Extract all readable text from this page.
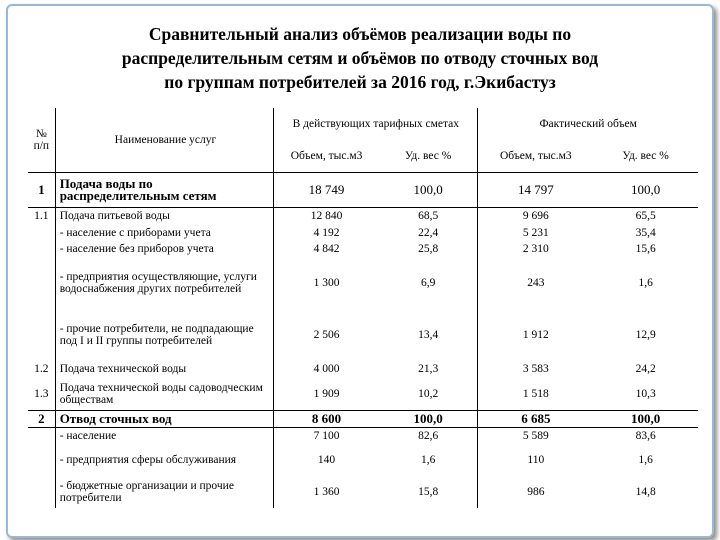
Сравнительный анализ объёмов реализации воды по
распределительным сетям и объёмов по отводу сточных вод
по группам потребителей за 2016 год, г.Экибастуз
№ п/п	Наименование услуг	В действующих тарифных сметах		Фактический объем	
		Объем, тыс.м3	Уд. вес %	Объем, тыс.м3	Уд. вес %
1	Подача воды по распределительным сетям	18 749	100,0	14 797	100,0
1.1	Подача питьевой воды	12 840	68,5	9 696	65,5
	- население с приборами учета	4 192	22,4	5 231	35,4
	- население без приборов учета	4 842	25,8	2 310	15,6
	- предприятия осуществляющие, услуги водоснабжения других потребителей	1 300	6,9	243	1,6
	- прочие потребители, не подпадающие под I и II группы потребителей	2 506	13,4	1 912	12,9
1.2	Подача технической воды	4 000	21,3	3 583	24,2
1.3	Подача технической воды садоводческим обществам	1 909	10,2	1 518	10,3
2	Отвод сточных вод	8 600	100,0	6 685	100,0
	- население	7 100	82,6	5 589	83,6
	- предприятия сферы обслуживания	140	1,6	110	1,6
	- бюджетные организации и прочие потребители	1 360	15,8	986	14,8
